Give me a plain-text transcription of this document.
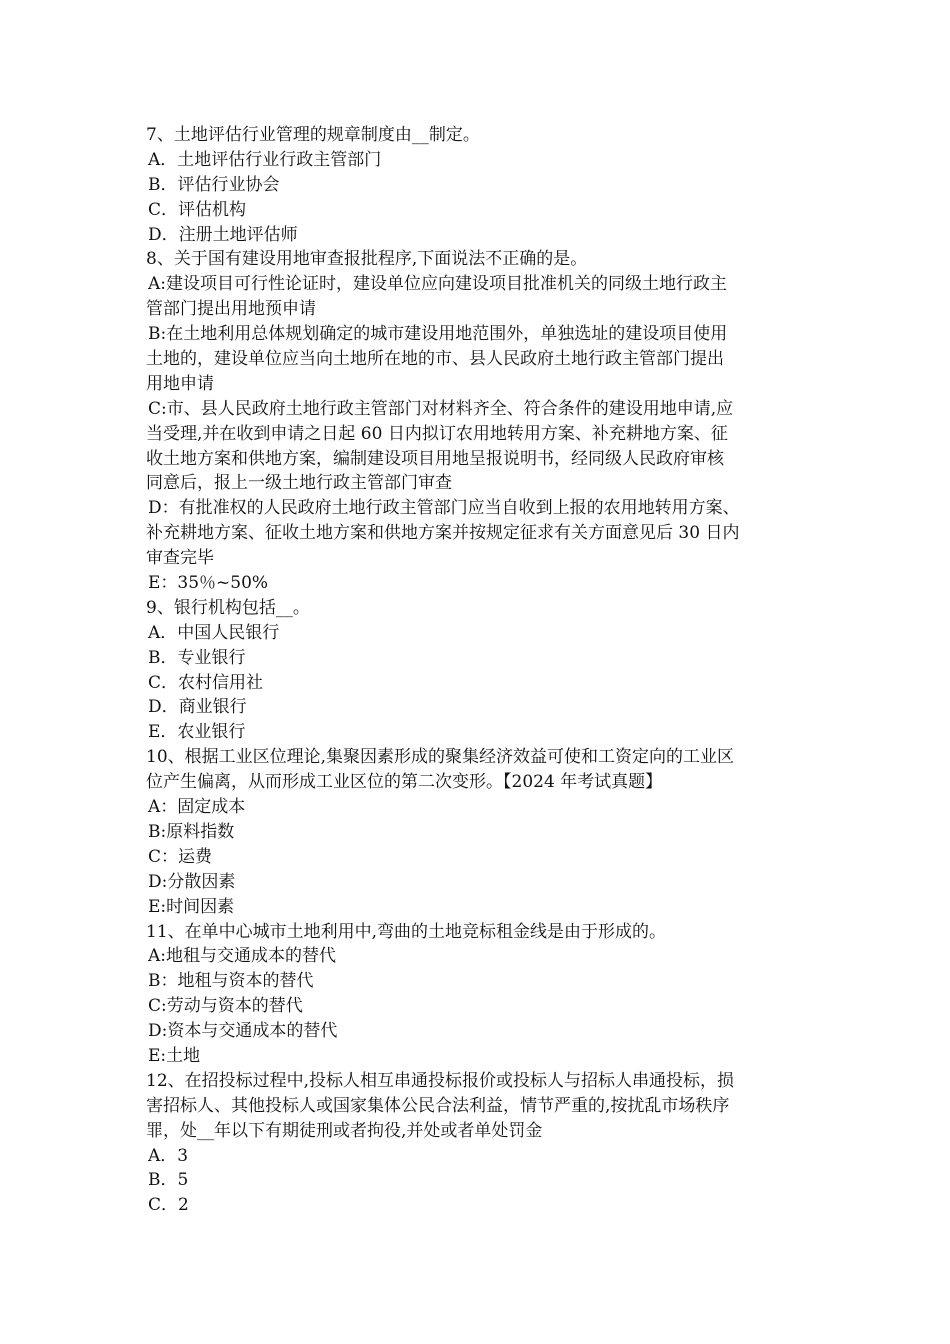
7、土地评估行业管理的规章制度由__制定。
A．土地评估行业行政主管部门
B．评估行业协会
C．评估机构
D．注册土地评估师
8、关于国有建设用地审查报批程序,下面说法不正确的是。
A:建设项目可行性论证时，建设单位应向建设项目批准机关的同级土地行政主
管部门提出用地预申请
B:在土地利用总体规划确定的城市建设用地范围外，单独选址的建设项目使用
土地的，建设单位应当向土地所在地的市、县人民政府土地行政主管部门提出
用地申请
C:市、县人民政府土地行政主管部门对材料齐全、符合条件的建设用地申请,应
当受理,并在收到申请之日起 60 日内拟订农用地转用方案、补充耕地方案、征
收土地方案和供地方案，编制建设项目用地呈报说明书，经同级人民政府审核
同意后，报上一级土地行政主管部门审查
D：有批准权的人民政府土地行政主管部门应当自收到上报的农用地转用方案、
补充耕地方案、征收土地方案和供地方案并按规定征求有关方面意见后 30 日内
审查完毕
E：35％~50%
9、银行机构包括__。
A．中国人民银行
B．专业银行
C．农村信用社
D．商业银行
E．农业银行
10、根据工业区位理论,集聚因素形成的聚集经济效益可使和工资定向的工业区
位产生偏离，从而形成工业区位的第二次变形。【2024 年考试真题】
A：固定成本
B:原料指数
C：运费
D:分散因素
E:时间因素
11、在单中心城市土地利用中,弯曲的土地竞标租金线是由于形成的。
A:地租与交通成本的替代
B：地租与资本的替代
C:劳动与资本的替代
D:资本与交通成本的替代
E:土地
12、在招投标过程中,投标人相互串通投标报价或投标人与招标人串通投标，损
害招标人、其他投标人或国家集体公民合法利益，情节严重的,按扰乱市场秩序
罪，处__年以下有期徒刑或者拘役,并处或者单处罚金
A．3
B．5
C．2
